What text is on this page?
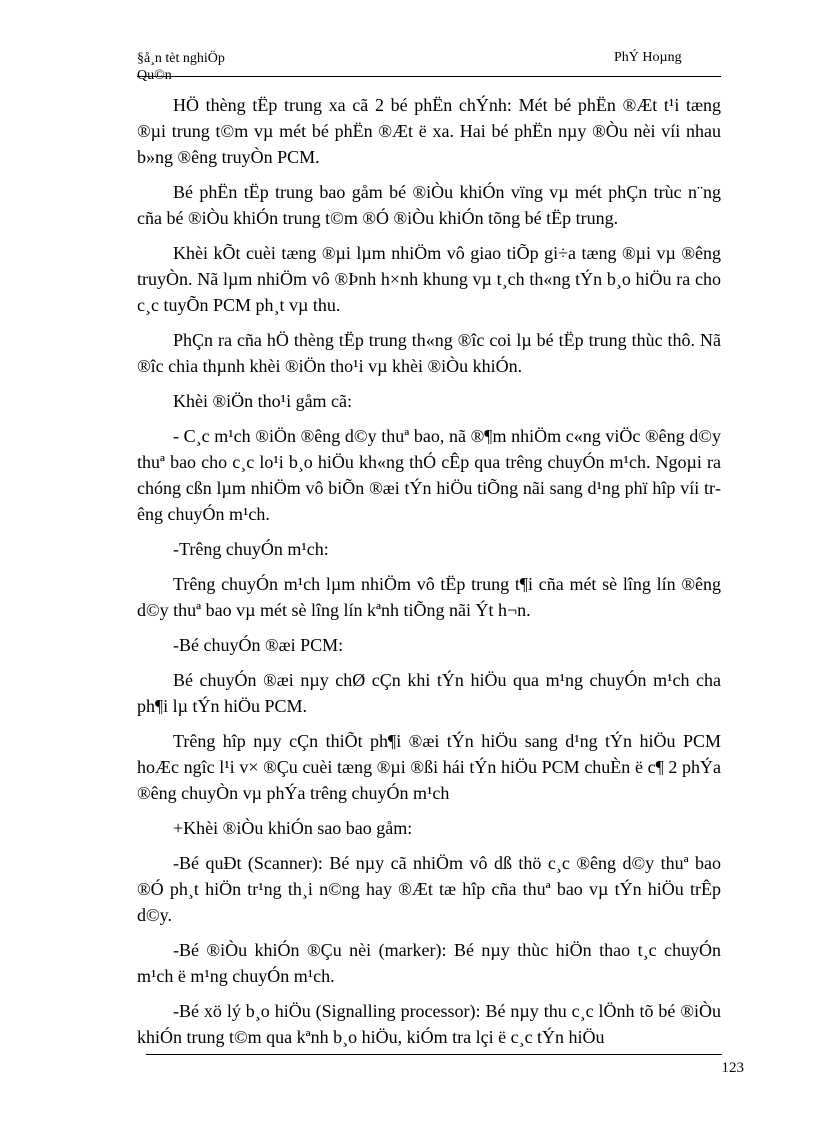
§å¸n tèt nghiÖp
Qu©n
PhÝ Hoµng

HÖ thèng tËp trung xa cã 2 bé phËn chÝnh: Mét bé phËn ®Æt t¹i tæng ®µi trung t©m vµ mét bé phËn ®Æt ë xa. Hai bé phËn nµy ®Òu nèi víi nhau b»ng ®êng truyÒn PCM.

Bé phËn tËp trung bao gåm bé ®iÒu khiÓn vïng vµ mét phÇn trùc n¨ng cña bé ®iÒu khiÓn trung t©m ®Ó ®iÒu khiÓn tõng bé tËp trung.

Khèi kÕt cuèi tæng ®µi lµm nhiÖm vô giao tiÕp gi÷a tæng ®µi vµ ®êng truyÒn. Nã lµm nhiÖm vô ®Þnh h×nh khung vµ t¸ch th«ng tÝn b¸o hiÖu ra cho c¸c tuyÕn PCM ph¸t vµ thu.

PhÇn ra cña hÖ thèng tËp trung th«ng ®îc coi lµ bé tËp trung thùc thô. Nã ®îc chia thµnh khèi ®iÖn tho¹i vµ khèi ®iÒu khiÓn.

Khèi ®iÖn tho¹i gåm cã:

- C¸c m¹ch ®iÖn ®êng d©y thuª bao, nã ®¶m nhiÖm c«ng viÖc ®êng d©y thuª bao cho c¸c lo¹i b¸o hiÖu kh«ng thÓ cÊp qua trêng chuyÓn m¹ch. Ngoµi ra chóng cßn lµm nhiÖm vô biÕn ®æi tÝn hiÖu tiÕng nãi sang d¹ng phï hîp víi trêng chuyÓn m¹ch.

-Trêng chuyÓn m¹ch:

Trêng chuyÓn m¹ch lµm nhiÖm vô tËp trung t¶i cña mét sè lîng lín ®êng d©y thuª bao vµ mét sè lîng lín kªnh tiÕng nãi Ýt h¬n.

-Bé chuyÓn ®æi PCM:

Bé chuyÓn ®æi nµy chØ cÇn khi tÝn hiÖu qua m¹ng chuyÓn m¹ch cha ph¶i lµ tÝn hiÖu PCM.

Trêng hîp nµy cÇn thiÕt ph¶i ®æi tÝn hiÖu sang d¹ng tÝn hiÖu PCM hoÆc ngîc l¹i v× ®Çu cuèi tæng ®µi ®ßi hái tÝn hiÖu PCM chuÈn ë c¶ 2 phÝa ®êng chuyÒn vµ phÝa trêng chuyÓn m¹ch

+Khèi ®iÒu khiÓn sao bao gåm:

-Bé quÐt (Scanner): Bé nµy cã nhiÖm vô dß thö c¸c ®êng d©y thuª bao ®Ó ph¸t hiÖn tr¹ng th¸i n©ng hay ®Æt tæ hîp cña thuª bao vµ tÝn hiÖu trÊp d©y.

-Bé ®iÒu khiÓn ®Çu nèi (marker): Bé nµy thùc hiÖn thao t¸c chuyÓn m¹ch ë m¹ng chuyÓn m¹ch.

-Bé xö lý b¸o hiÖu (Signalling processor): Bé nµy thu c¸c lÖnh tõ bé ®iÒu khiÓn trung t©m qua kªnh b¸o hiÖu, kiÓm tra lçi ë c¸c tÝn hiÖu

123
